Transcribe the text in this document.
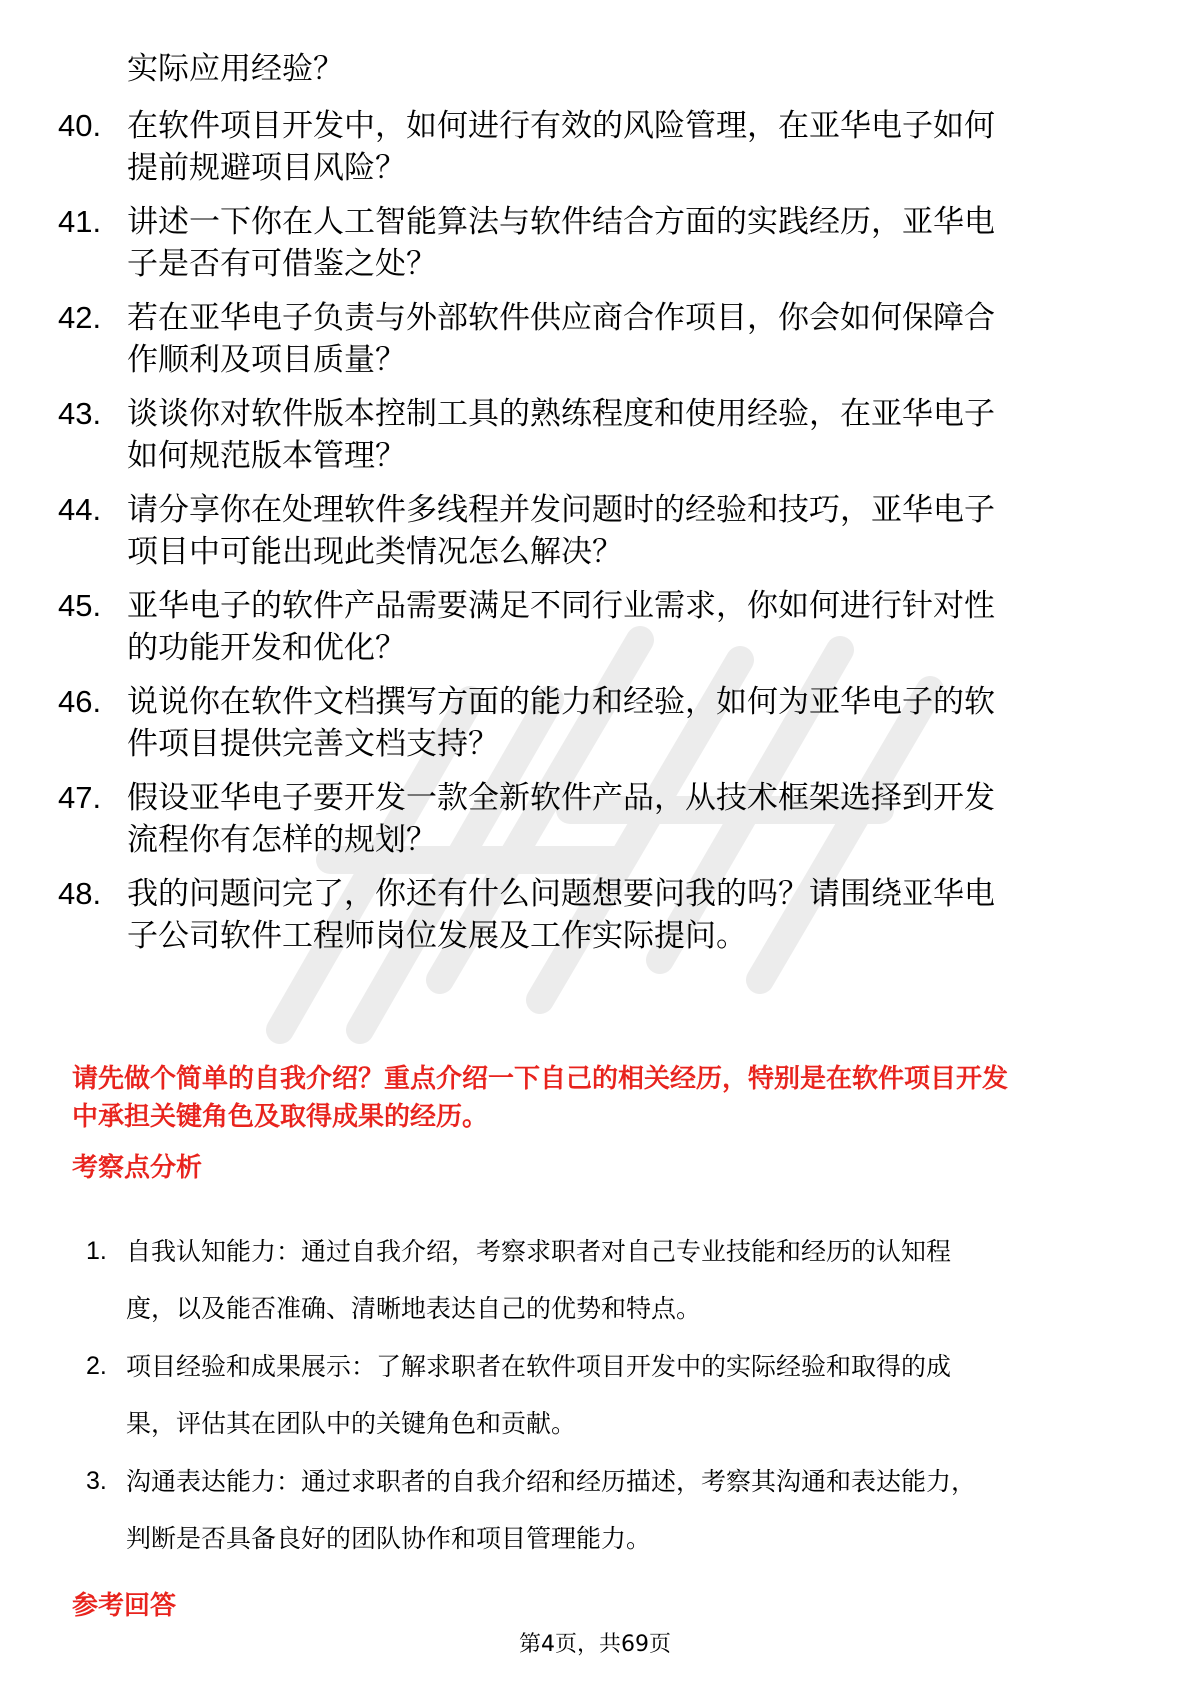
实际应用经验？
40. 在软件项目开发中，如何进行有效的风险管理，在亚华电子如何
提前规避项目风险？
41. 讲述一下你在人工智能算法与软件结合方面的实践经历，亚华电
子是否有可借鉴之处？
42. 若在亚华电子负责与外部软件供应商合作项目，你会如何保障合
作顺利及项目质量？
43. 谈谈你对软件版本控制工具的熟练程度和使用经验，在亚华电子
如何规范版本管理？
44. 请分享你在处理软件多线程并发问题时的经验和技巧，亚华电子
项目中可能出现此类情况怎么解决？
45. 亚华电子的软件产品需要满足不同行业需求，你如何进行针对性
的功能开发和优化？
46. 说说你在软件文档撰写方面的能力和经验，如何为亚华电子的软
件项目提供完善文档支持？
47. 假设亚华电子要开发一款全新软件产品，从技术框架选择到开发
流程你有怎样的规划？
48. 我的问题问完了，你还有什么问题想要问我的吗？请围绕亚华电
子公司软件工程师岗位发展及工作实际提问。
请先做个简单的自我介绍？重点介绍一下自己的相关经历，特别是在软件项目开发
中承担关键角色及取得成果的经历。
考察点分析
1. 自我认知能力：通过自我介绍，考察求职者对自己专业技能和经历的认知程
度，以及能否准确、清晰地表达自己的优势和特点。
2. 项目经验和成果展示：了解求职者在软件项目开发中的实际经验和取得的成
果，评估其在团队中的关键角色和贡献。
3. 沟通表达能力：通过求职者的自我介绍和经历描述，考察其沟通和表达能力，
判断是否具备良好的团队协作和项目管理能力。
参考回答
第4页，共69页
